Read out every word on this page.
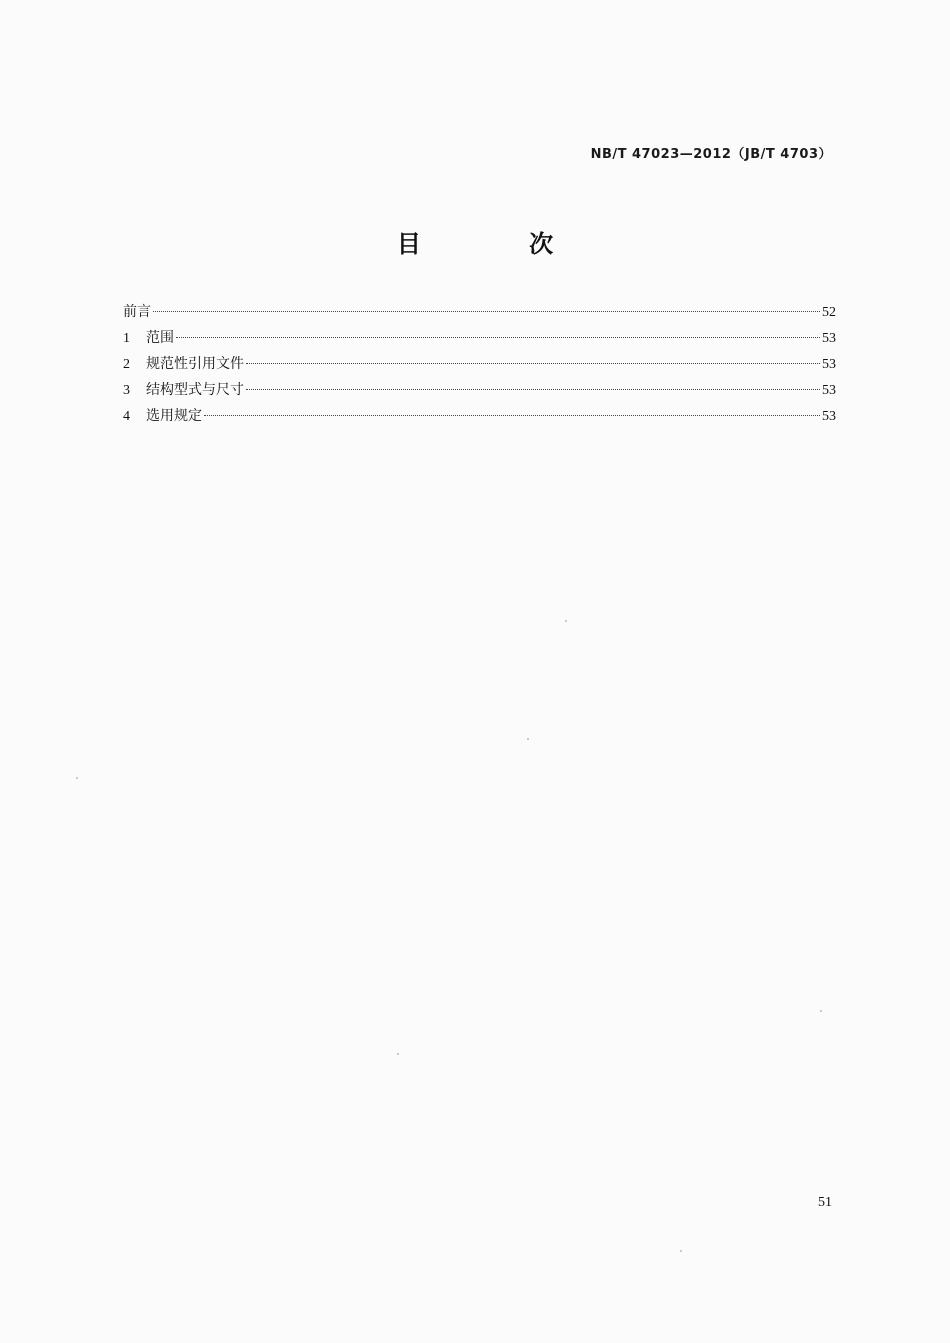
NB/T 47023—2012（JB/T 4703）
目 次
前言	52
1	范围	53
2	规范性引用文件	53
3	结构型式与尺寸	53
4	选用规定	53
51
